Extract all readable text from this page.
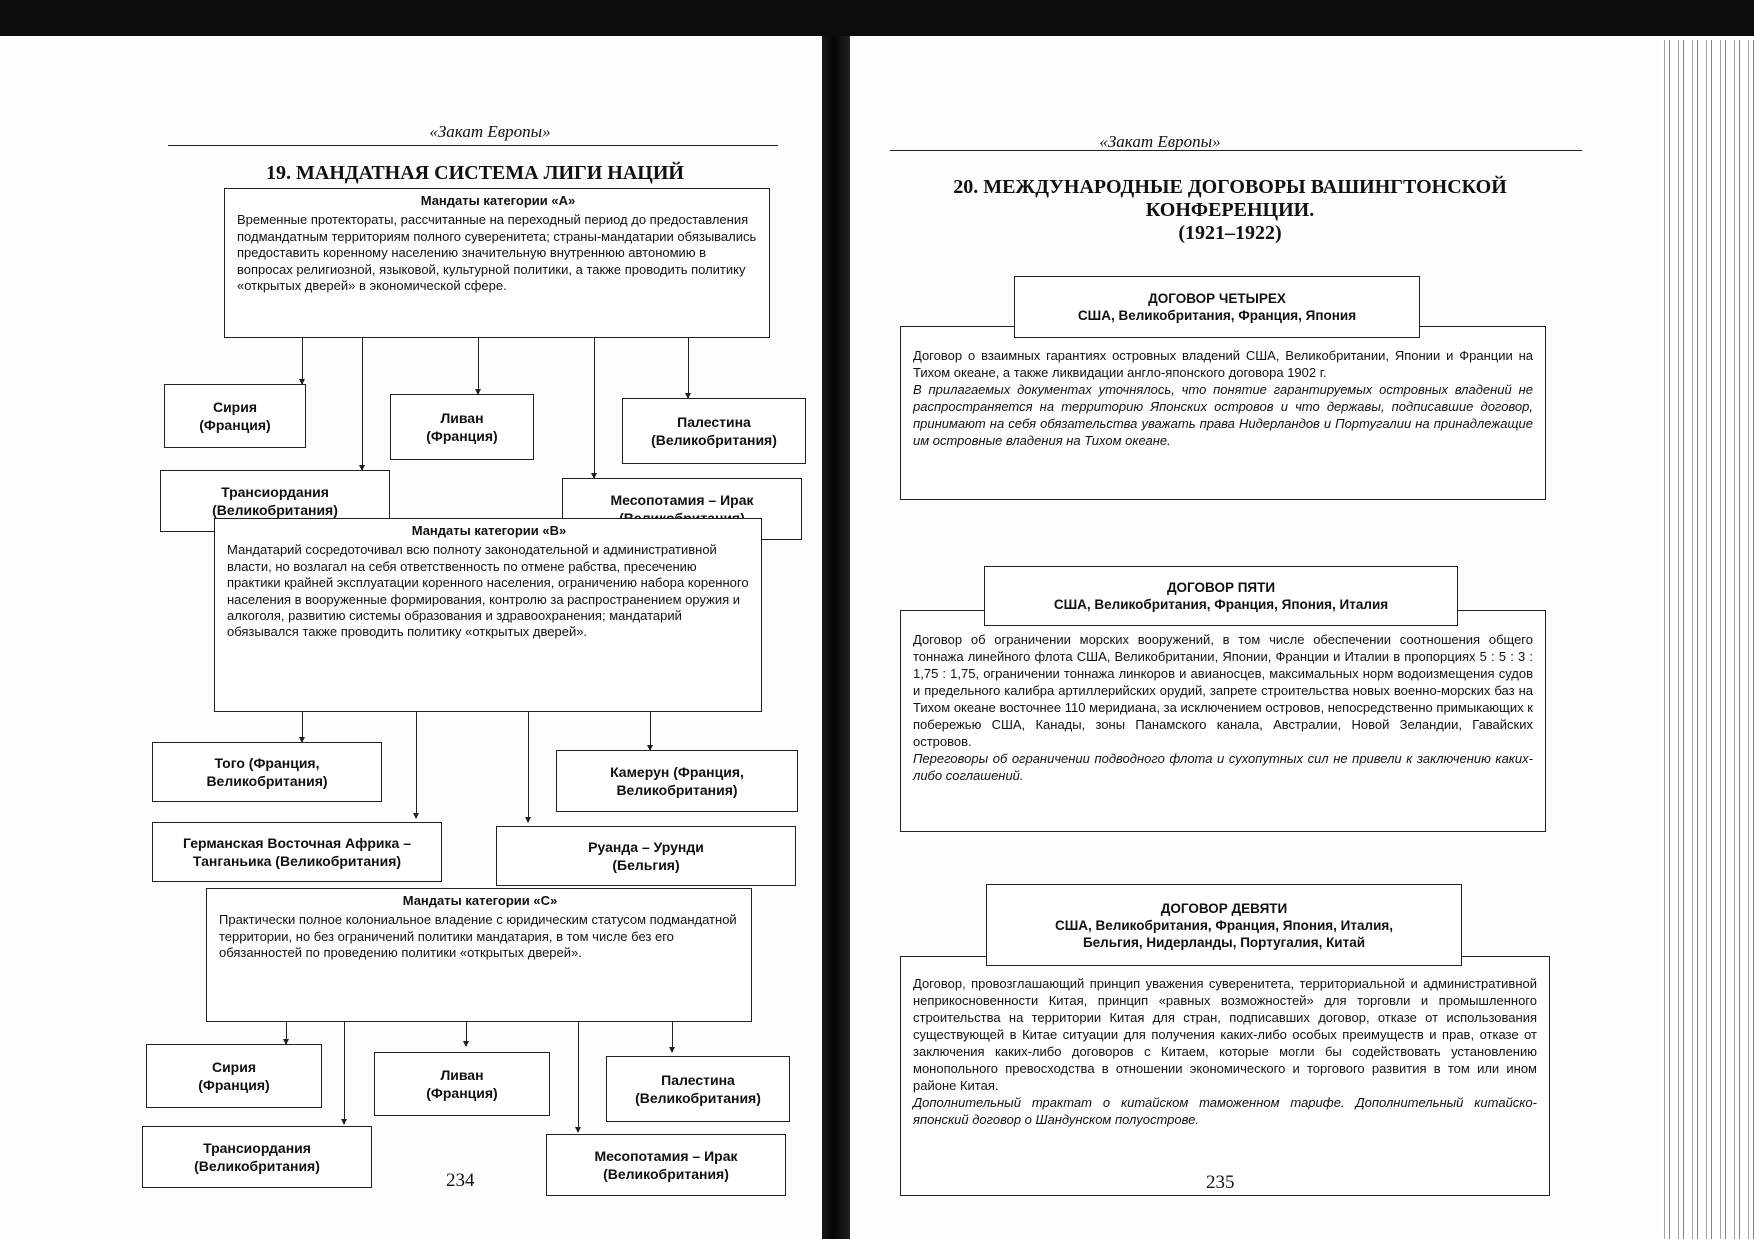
«Закат Европы»
19. МАНДАТНАЯ СИСТЕМА ЛИГИ НАЦИЙ
Мандаты категории «А»
Временные протектораты, рассчитанные на переходный период до предоставления подмандатным территориям полного суверенитета; страны-мандатарии обязывались предоставить коренному населению значительную внутреннюю автономию в вопросах религиозной, языковой, культурной политики, а также проводить политику «открытых дверей» в экономической сфере.
Сирия
(Франция)	Ливан
(Франция)
Палестина
(Великобритания)
Трансиордания
(Великобритания)
Месопотамия – Ирак
Мандаты категории «В»
Мандатарий сосредоточивал всю полноту законодательной и административной власти, но возлагал на себя ответственность по отмене рабства, пресечению практики крайней эксплуатации коренного населения, ограничению набора коренного населения в вооруженные формирования, контролю за распространением оружия и алкоголя, развитию системы образования и здравоохранения; мандатарий обязывался также проводить политику «открытых дверей».
Того (Франция,
Великобритания)
Камерун (Франция,
Великобритания)
Германская Восточная Африка –
Танганьика (Великобритания)
Руанда – Урунди
(Бельгия)
Мандаты категории «С»
Практически полное колониальное владение с юридическим статусом подмандатной территории, но без ограничений политики мандатария, в том числе без его обязанностей по проведению политики «открытых дверей».
Сирия
(Франция)
Ливан
(Франция)
Палестина
(Великобритания)
Трансиордания
(Великобритания)
Месопотамия – Ирак
(Великобритания)
234
«Закат Европы»
20. МЕЖДУНАРОДНЫЕ ДОГОВОРЫ ВАШИНГТОНСКОЙ
КОНФЕРЕНЦИИ.
(1921–1922)

Договор о взаимных гарантиях островных владений США, Великобритании, Японии и Франции на Тихом океане, а также ликвидации англо-японского договора 1902 г.

В прилагаемых документах уточнялось, что понятие гарантируемых островных владений не распространяется на территорию Японских островов и что державы, подписавшие договор, принимают на себя обязательства уважать права Нидерландов и Португалии на принадлежащие им островные владения на Тихом океане.

ДОГОВОР ЧЕТЫРЕХ
США, Великобритания, Франция, Япония

Договор об ограничении морских вооружений, в том числе обеспечении соотношения общего тоннажа линейного флота США, Великобритании, Японии, Франции и Италии в пропорциях 5 : 5 : 3 : 1,75 : 1,75, ограничении тоннажа линкоров и авианосцев, максимальных норм водоизмещения судов и предельного калибра артиллерийских орудий, запрете строительства новых военно-морских баз на Тихом океане восточнее 110 меридиана, за исключением островов, непосредственно примыкающих к побережью США, Канады, зоны Панамского канала, Австралии, Новой Зеландии, Гавайских островов.

Переговоры об ограничении подводного флота и сухопутных сил не привели к заключению каких-либо соглашений.

ДОГОВОР ПЯТИ
США, Великобритания, Франция, Япония, Италия

Договор, провозглашающий принцип уважения суверенитета, территориальной и административной неприкосновенности Китая, принцип «равных возможностей» для торговли и промышленного строительства на территории Китая для стран, подписавших договор, отказе от использования существующей в Китае ситуации для получения каких-либо особых преимуществ и прав, отказе от заключения каких-либо договоров с Китаем, которые могли бы содействовать установлению монопольного превосходства в отношении экономического и торгового развития в том или ином районе Китая.

Дополнительный трактат о китайском таможенном тарифе. Дополнительный китайско-японский договор о Шандунском полуострове.

ДОГОВОР ДЕВЯТИ
США, Великобритания, Франция, Япония, Италия,
Бельгия, Нидерланды, Португалия, Китай
235
